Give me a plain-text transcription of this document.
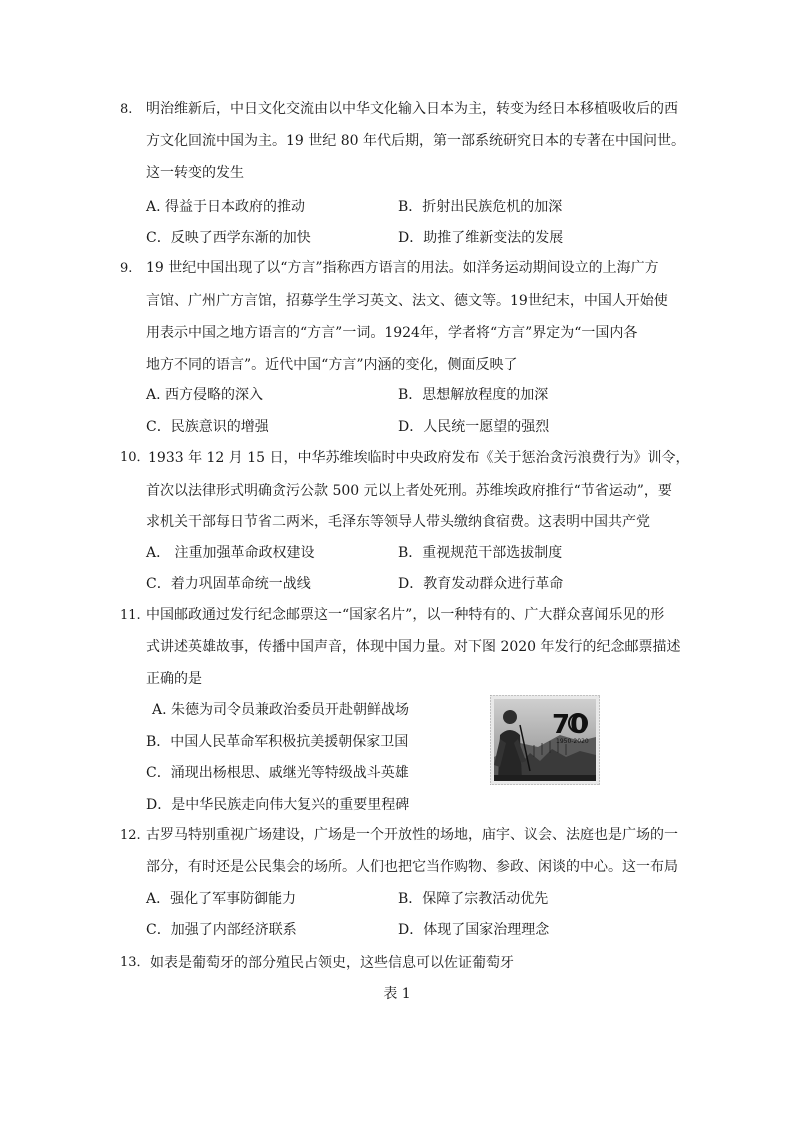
8. 明治维新后，中日文化交流由以中华文化输入日本为主，转变为经日本移植吸收后的西
方文化回流中国为主。19 世纪 80 年代后期，第一部系统研究日本的专著在中国问世。
这一转变的发生
A. 得益于日本政府的推动	B．折射出民族危机的加深
C．反映了西学东渐的加快	D．助推了维新变法的发展
9. 19 世纪中国出现了以“方言”指称西方语言的用法。如洋务运动期间设立的上海广方
言馆、广州广方言馆，招募学生学习英文、法文、德文等。19世纪末，中国人开始使
用表示中国之地方语言的“方言”一词。1924年，学者将“方言”界定为“一国内各
地方不同的语言”。近代中国“方言”内涵的变化，侧面反映了
A. 西方侵略的深入	B．思想解放程度的加深
C．民族意识的增强	D．人民统一愿望的强烈
10．
1933 年 12 月 15 日，中华苏维埃临时中央政府发布《关于惩治贪污浪费行为》训令，
首次以法律形式明确贪污公款 500 元以上者处死刑。苏维埃政府推行“节省运动”，要
求机关干部每日节省二两米，毛泽东等领导人带头缴纳食宿费。这表明中国共产党
A． 注重加强革命政权建设	B．重视规范干部选拔制度
C．着力巩固革命统一战线	D．教育发动群众进行革命
11. 中国邮政通过发行纪念邮票这一“国家名片”，以一种特有的、广大群众喜闻乐见的形
式讲述英雄故事，传播中国声音，体现中国力量。对下图 2020 年发行的纪念邮票描述
正确的是
A. 朱德为司令员兼政治委员开赴朝鲜战场
B．中国人民革命军积极抗美援朝保家卫国
C．涌现出杨根思、戚继光等特级战斗英雄
D．是中华民族走向伟大复兴的重要里程碑
70
1950-2020
12. 古罗马特别重视广场建设，广场是一个开放性的场地，庙宇、议会、法庭也是广场的一
部分，有时还是公民集会的场所。人们也把它当作购物、参政、闲谈的中心。这一布局
A．强化了军事防御能力	B．保障了宗教活动优先
C．加强了内部经济联系	D．体现了国家治理理念
13． 如表是葡萄牙的部分殖民占领史，这些信息可以佐证葡萄牙
表 1
